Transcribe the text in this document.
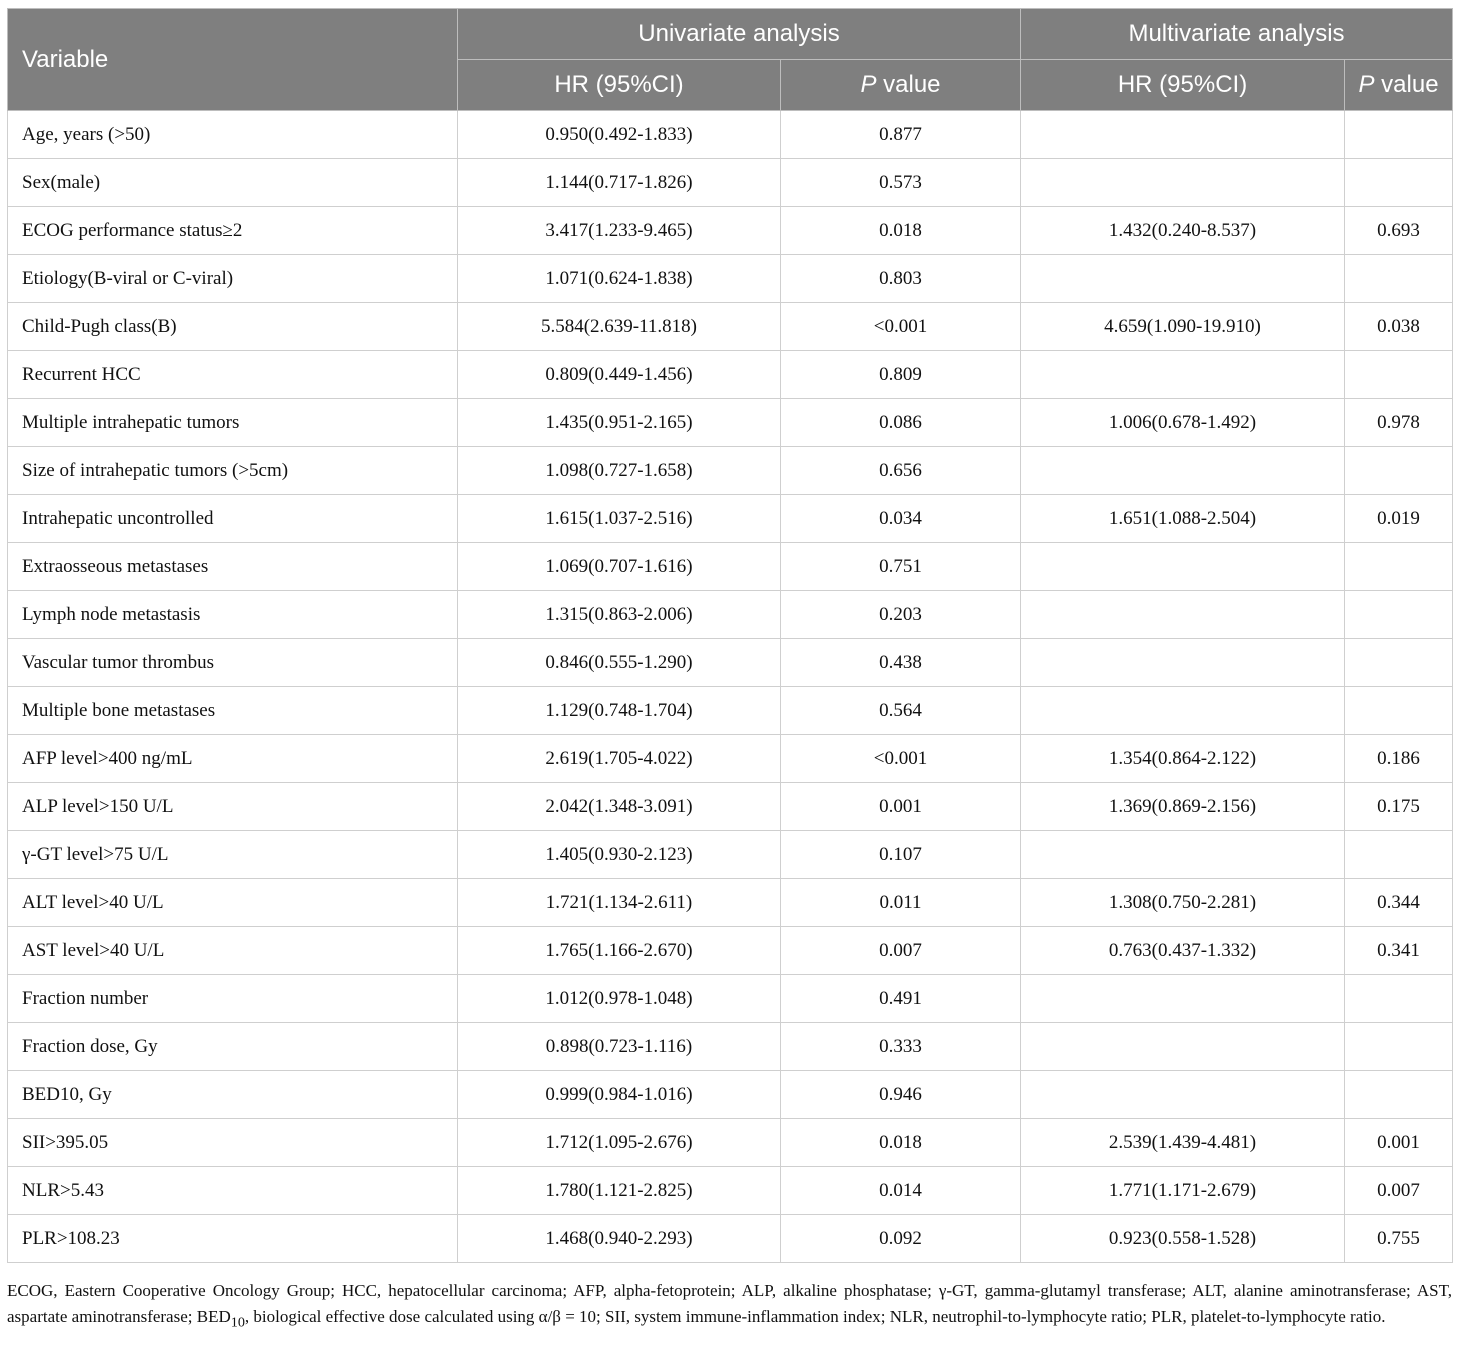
Variable	Univariate analysis		Multivariate analysis	
	HR (95%CI)	P value	HR (95%CI)	P value
Age, years (>50)	0.950(0.492-1.833)	0.877		
Sex(male)	1.144(0.717-1.826)	0.573		
ECOG performance status≥2	3.417(1.233-9.465)	0.018	1.432(0.240-8.537)	0.693
Etiology(B-viral or C-viral)	1.071(0.624-1.838)	0.803		
Child-Pugh class(B)	5.584(2.639-11.818)	<0.001	4.659(1.090-19.910)	0.038
Recurrent HCC	0.809(0.449-1.456)	0.809		
Multiple intrahepatic tumors	1.435(0.951-2.165)	0.086	1.006(0.678-1.492)	0.978
Size of intrahepatic tumors (>5cm)	1.098(0.727-1.658)	0.656		
Intrahepatic uncontrolled	1.615(1.037-2.516)	0.034	1.651(1.088-2.504)	0.019
Extraosseous metastases	1.069(0.707-1.616)	0.751		
Lymph node metastasis	1.315(0.863-2.006)	0.203		
Vascular tumor thrombus	0.846(0.555-1.290)	0.438		
Multiple bone metastases	1.129(0.748-1.704)	0.564		
AFP level>400 ng/mL	2.619(1.705-4.022)	<0.001	1.354(0.864-2.122)	0.186
ALP level>150 U/L	2.042(1.348-3.091)	0.001	1.369(0.869-2.156)	0.175
γ-GT level>75 U/L	1.405(0.930-2.123)	0.107		
ALT level>40 U/L	1.721(1.134-2.611)	0.011	1.308(0.750-2.281)	0.344
AST level>40 U/L	1.765(1.166-2.670)	0.007	0.763(0.437-1.332)	0.341
Fraction number	1.012(0.978-1.048)	0.491		
Fraction dose, Gy	0.898(0.723-1.116)	0.333		
BED10, Gy	0.999(0.984-1.016)	0.946		
SII>395.05	1.712(1.095-2.676)	0.018	2.539(1.439-4.481)	0.001
NLR>5.43	1.780(1.121-2.825)	0.014	1.771(1.171-2.679)	0.007
PLR>108.23	1.468(0.940-2.293)	0.092	0.923(0.558-1.528)	0.755

ECOG, Eastern Cooperative Oncology Group; HCC, hepatocellular carcinoma; AFP, alpha-fetoprotein; ALP, alkaline phosphatase; γ-GT, gamma-glutamyl transferase; ALT, alanine aminotransferase; AST, aspartate aminotransferase; $BED_{10}$, biological effective dose calculated using α/β = 10; SII, system immune-inflammation index; NLR, neutrophil-to-lymphocyte ratio; PLR, platelet-to-lymphocyte ratio.
